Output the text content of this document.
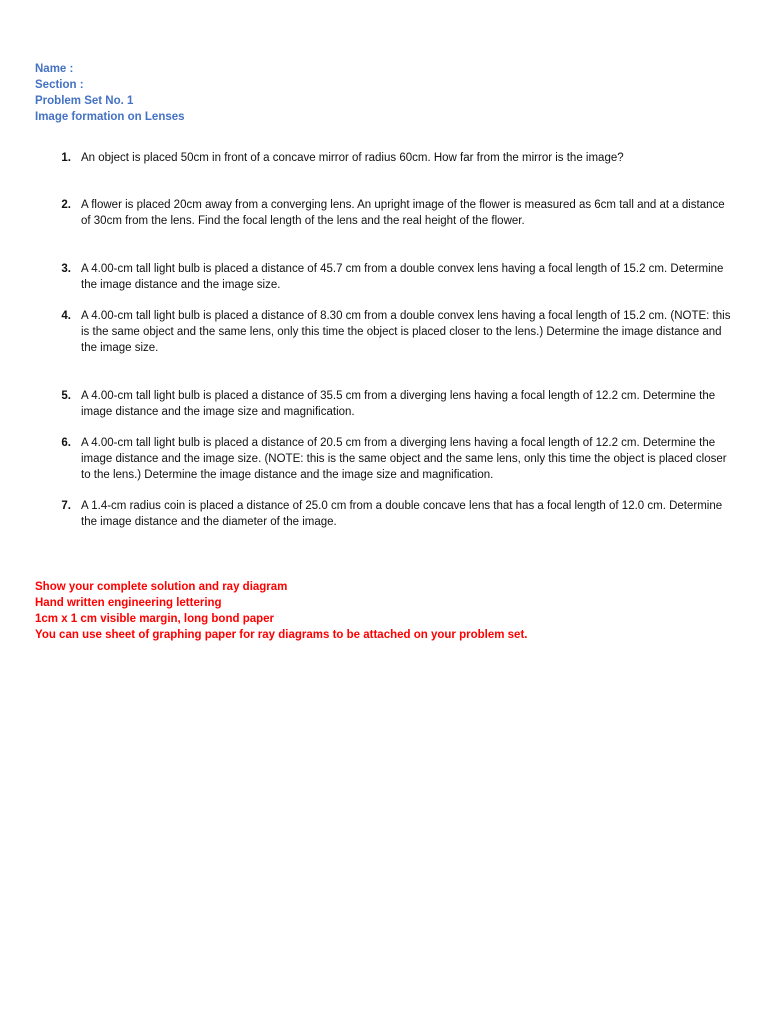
Name :
Section :
Problem Set No. 1
Image formation on Lenses
1. An object is placed 50cm in front of a concave mirror of radius 60cm. How far from the mirror is the image?
2. A flower is placed 20cm away from a converging lens. An upright image of the flower is measured as 6cm tall and at a distance of 30cm from the lens. Find the focal length of the lens and the real height of the flower.
3. A 4.00-cm tall light bulb is placed a distance of 45.7 cm from a double convex lens having a focal length of 15.2 cm. Determine the image distance and the image size.
4. A 4.00-cm tall light bulb is placed a distance of 8.30 cm from a double convex lens having a focal length of 15.2 cm. (NOTE: this is the same object and the same lens, only this time the object is placed closer to the lens.) Determine the image distance and the image size.
5. A 4.00-cm tall light bulb is placed a distance of 35.5 cm from a diverging lens having a focal length of 12.2 cm. Determine the image distance and the image size and magnification.
6. A 4.00-cm tall light bulb is placed a distance of 20.5 cm from a diverging lens having a focal length of 12.2 cm. Determine the image distance and the image size. (NOTE: this is the same object and the same lens, only this time the object is placed closer to the lens.) Determine the image distance and the image size and magnification.
7. A 1.4-cm radius coin is placed a distance of 25.0 cm from a double concave lens that has a focal length of 12.0 cm. Determine the image distance and the diameter of the image.
Show your complete solution and ray diagram
Hand written engineering lettering
1cm x 1 cm visible margin, long bond paper
You can use sheet of graphing paper for ray diagrams to be attached on your problem set.
